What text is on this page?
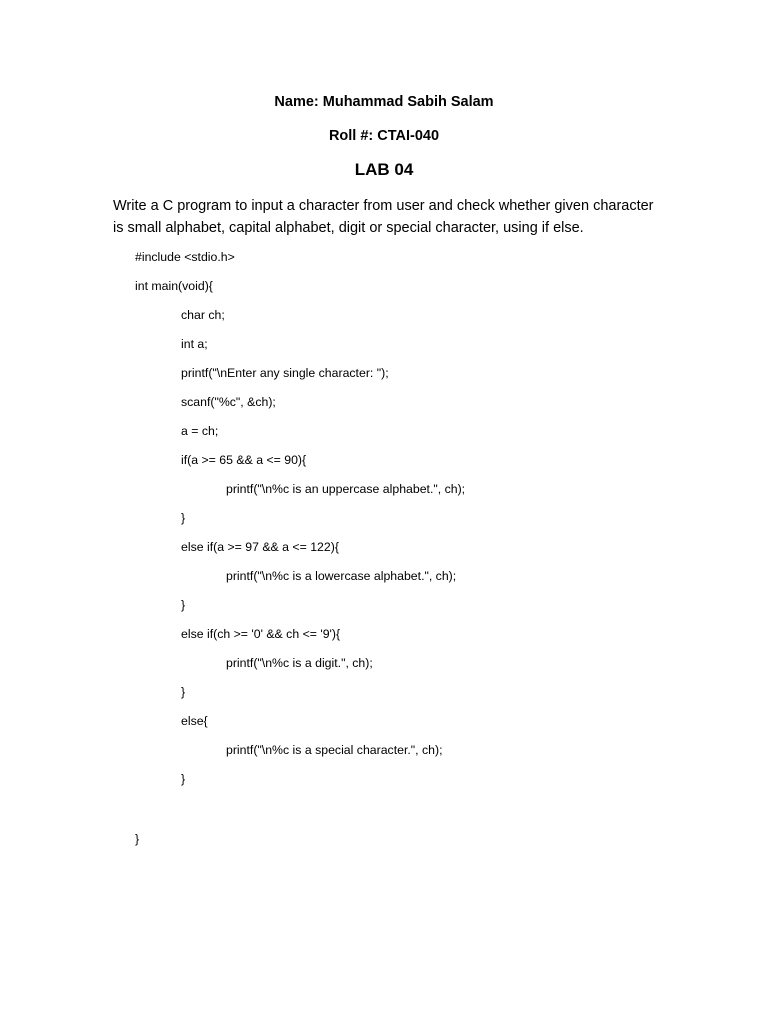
Name: Muhammad Sabih Salam
Roll #: CTAI-040
LAB 04
Write a C program to input a character from user and check whether given character
is small alphabet, capital alphabet, digit or special character, using if else.
#include <stdio.h>
int main(void){
char ch;
int a;
printf("\nEnter any single character: ");
scanf("%c", &ch);
a = ch;
if(a >= 65 && a <= 90){
printf("\n%c is an uppercase alphabet.", ch);
}
else if(a >= 97 && a <= 122){
printf("\n%c is a lowercase alphabet.", ch);
}
else if(ch >= '0' && ch <= '9'){
printf("\n%c is a digit.", ch);
}
else{
printf("\n%c is a special character.", ch);
}
}
